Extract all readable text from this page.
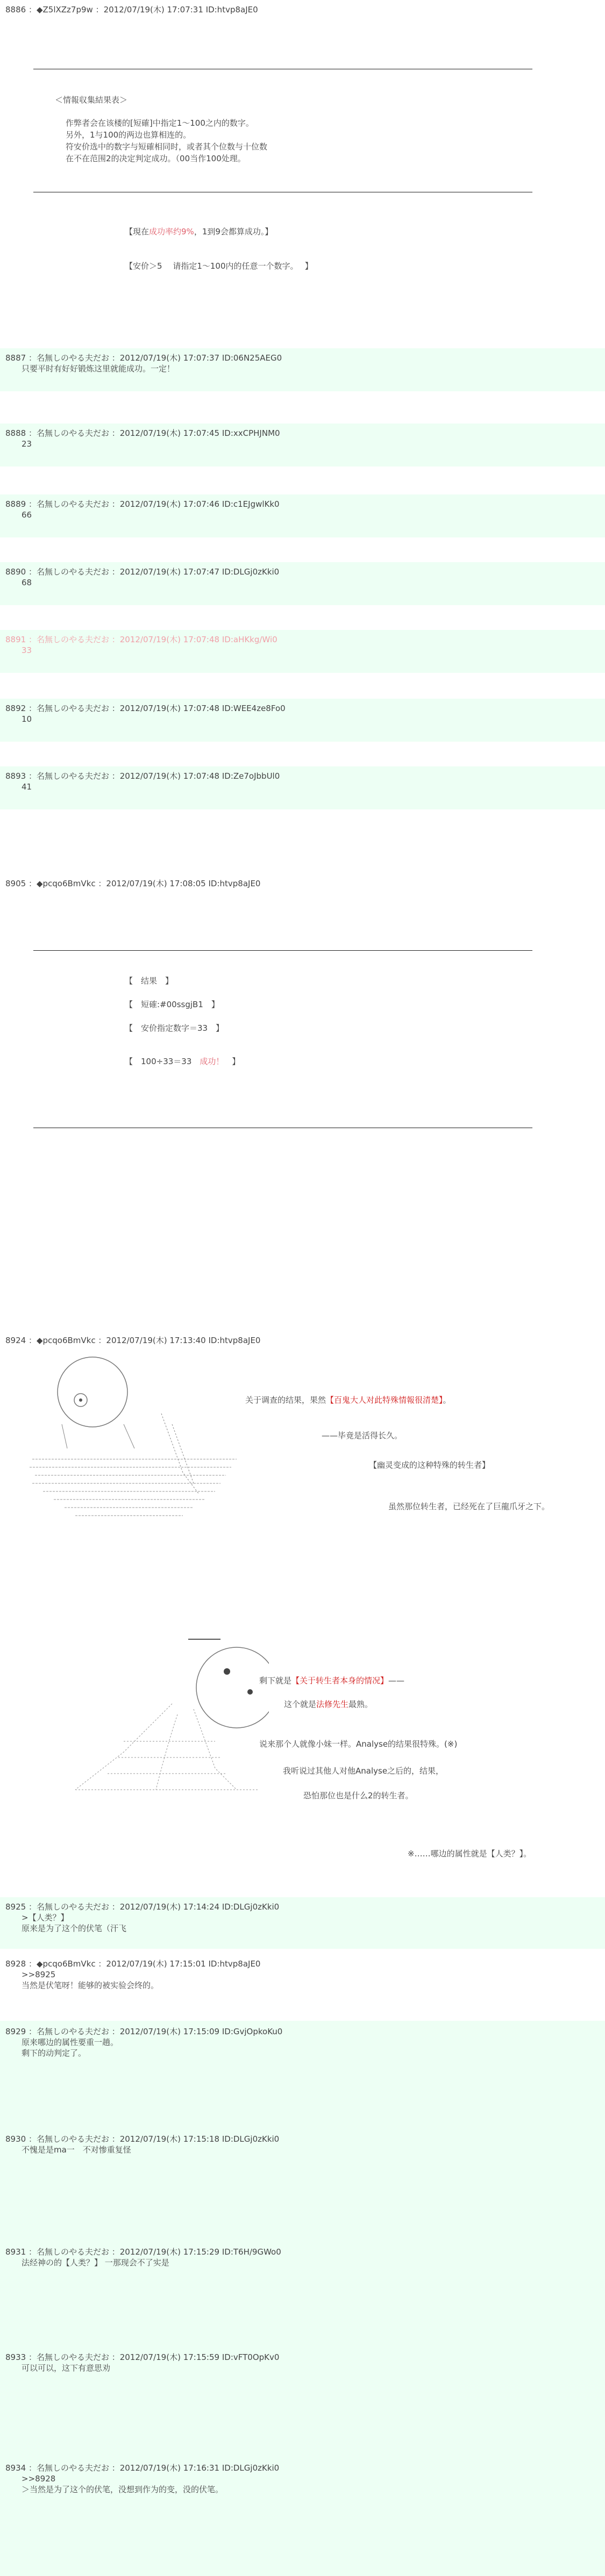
8886 ：◆Z5lXZz7p9w ：2012/07/19(木) 17:07:31 ID:htvp8aJE0
＜情報収集結果表＞
作弊者会在该楼的[短確]中指定1～100之内的数字。
另外，1与100的两边也算相连的。
符安价选中的数字与短確相同时，或者其个位数与十位数
在不在范围2的决定判定成功。（00当作100处理。
【現在成功率约9%，1到9会都算成功。】
【安价＞5　 请指定1～100内的任意一个数字。　 】
8887 ：名無しのやる夫だお ：2012/07/19(木) 17:07:37 ID:06N25AEG0
只要平时有好好锻炼这里就能成功。一定！
8888 ：名無しのやる夫だお ：2012/07/19(木) 17:07:45 ID:xxCPHJNM0
23
8889 ：名無しのやる夫だお ：2012/07/19(木) 17:07:46 ID:c1EJgwlKk0
66
8890 ：名無しのやる夫だお ：2012/07/19(木) 17:07:47 ID:DLGj0zKki0
68
8891 ：名無しのやる夫だお ：2012/07/19(木) 17:07:48 ID:aHKkg/Wi0
33
8892 ：名無しのやる夫だお ：2012/07/19(木) 17:07:48 ID:WEE4ze8Fo0
10
8893 ：名無しのやる夫だお ：2012/07/19(木) 17:07:48 ID:Ze7oJbbUl0
41
8905 ：◆pcqo6BmVkc ：2012/07/19(木) 17:08:05 ID:htvp8aJE0
【　结果　】
【　短確:#00ssgjB1　】
【　安价指定数字＝33　】
【　100÷33＝33　 成功！　 】
8924 ：◆pcqo6BmVkc ：2012/07/19(木) 17:13:40 ID:htvp8aJE0
关于调查的结果，果然【百鬼大人对此特殊情報很清楚】。
——毕竟是活得长久。
【幽灵变成的这种特殊的转生者】
虽然那位转生者，已经死在了巨龍爪牙之下。
剩下就是【关于转生者本身的情况】——
这个就是法修先生最熟。
说来那个人就像小妹一样。Analyse的结果很特殊。(※)
我听说过其他人对他Analyse之后的，结果，
恐怕那位也是什么2的转生者。
※……哪边的属性就是【人类？】。
8925 ：名無しのやる夫だお ：2012/07/19(木) 17:14:24 ID:DLGj0zKki0
>【人类？】
原来是为了这个的伏笔（汗飞
8928 ：◆pcqo6BmVkc ：2012/07/19(木) 17:15:01 ID:htvp8aJE0
>>8925
当然是伏笔呀！能够的被实验会终的。
8929 ：名無しのやる夫だお ：2012/07/19(木) 17:15:09 ID:GvjOpkoKu0
原来哪边的属性要重一趟。
剩下的动判定了。
8930 ：名無しのやる夫だお ：2012/07/19(木) 17:15:18 ID:DLGj0zKki0
不愧是是ma一　不对惨重复怪
8931 ：名無しのやる夫だお ：2012/07/19(木) 17:15:29 ID:T6H/9GWo0
法经神の的【人类？】 一那现会不了实是
8933 ：名無しのやる夫だお ：2012/07/19(木) 17:15:59 ID:vFT0OpKv0
可以可以，这下有意思劝
8934 ：名無しのやる夫だお ：2012/07/19(木) 17:16:31 ID:DLGj0zKki0
>>8928
＞当然是为了这个的伏笔，没想到作为的变，没的伏笔。
